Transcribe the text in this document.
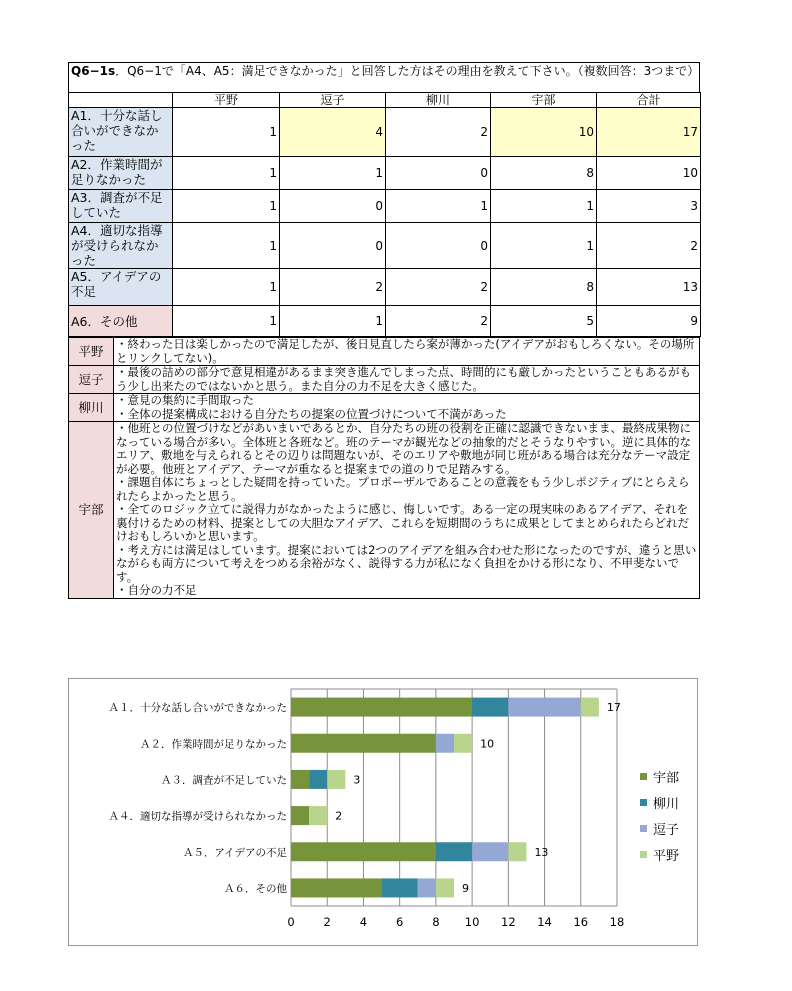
Q6−1s．Q6−1で「A4、A5：満足できなかった」と回答した方はその理由を教えて下さい。（複数回答：3つまで）
	平野	逗子	柳川	宇部	合計
A1．十分な話し合いができなかった	1	4	2	10	17
A2．作業時間が足りなかった	1	1	0	8	10
A3．調査が不足していた	1	0	1	1	3
A4．適切な指導が受けられなかった	1	0	0	1	2
A5．アイデアの不足	1	2	2	8	13
A6．その他	1	1	2	5	9
平野	・終わった日は楽しかったので満足したが、後日見直したら案が薄かった(アイデアがおもしろくない。その場所とリンクしてない)。

逗子	・最後の詰めの部分で意見相違があるまま突き進んでしまった点、時間的にも厳しかったということもあるがもう少し出来たのではないかと思う。また自分の力不足を大きく感じた。

柳川	・意見の集約に手間取った
・全体の提案構成における自分たちの提案の位置づけについて不満があった

宇部	・他班との位置づけなどがあいまいであるとか、自分たちの班の役割を正確に認識できないまま、最終成果物になっている場合が多い。全体班と各班など。班のテーマが観光などの抽象的だとそうなりやすい。逆に具体的なエリア、敷地を与えられるとその辺りは問題ないが、そのエリアや敷地が同じ班がある場合は充分なテーマ設定が必要。他班とアイデア、テーマが重なると提案までの道のりで足踏みする。
・課題自体にちょっとした疑問を持っていた。プロポーザルであることの意義をもう少しポジティブにとらえられたらよかったと思う。
・全てのロジック立てに説得力がなかったように感じ、悔しいです。ある一定の現実味のあるアイデア、それを裏付けるための材料、提案としての大胆なアイデア、これらを短期間のうちに成果としてまとめられたらどれだけおもしろいかと思います。
・考え方には満足はしています。提案においては2つのアイデアを組み合わせた形になったのですが、違うと思いながらも両方について考えをつめる余裕がなく、説得する力が私になく負担をかける形になり、不甲斐ないです。
・自分の力不足
0	2	4	6	8 10 12 14 16 18
Ａ１．十分な話し合いができなかった	17
Ａ２．作業時間が足りなかった	10
Ａ３．調査が不足していた	3
Ａ４．適切な指導が受けられなかった	2
Ａ５．アイデアの不足	13
Ａ６．その他	9
宇部
柳川
逗子
平野
